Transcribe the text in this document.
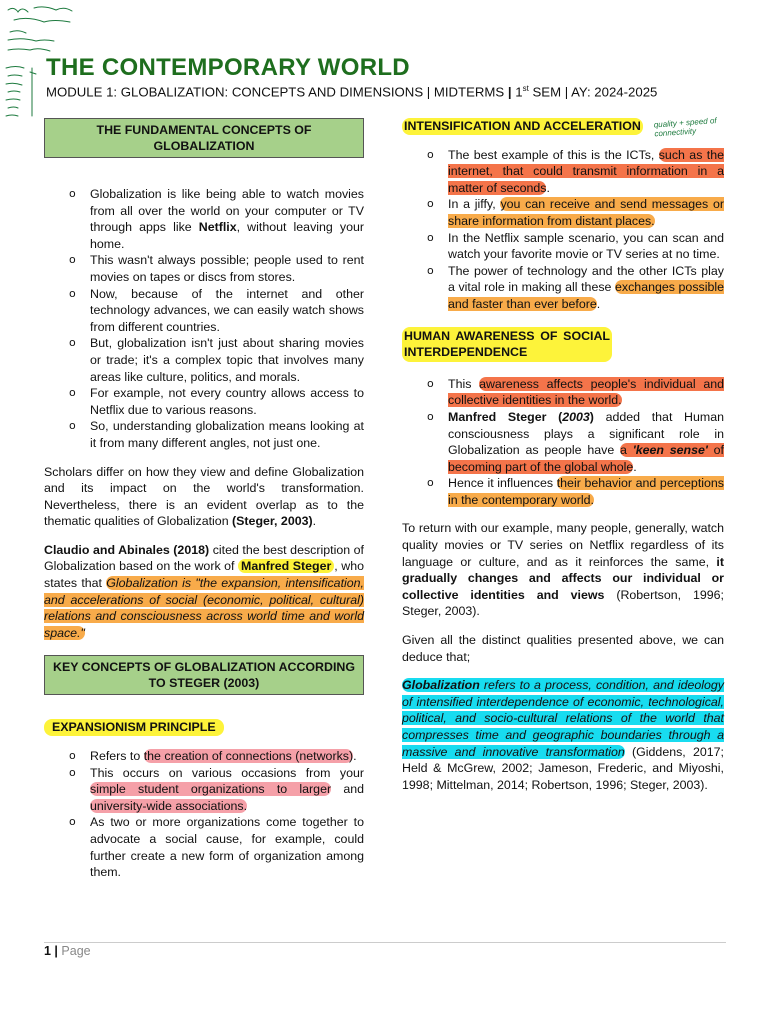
THE CONTEMPORARY WORLD

MODULE 1: GLOBALIZATION: CONCEPTS AND DIMENSIONS | MIDTERMS | 1st SEM | AY: 2024-2025

THE FUNDAMENTAL CONCEPTS OF GLOBALIZATION
o Globalization is like being able to watch movies from all over the world on your computer or TV through apps like Netflix, without leaving your home.
o This wasn't always possible; people used to rent movies on tapes or discs from stores.
o Now, because of the internet and other technology advances, we can easily watch shows from different countries.
o But, globalization isn't just about sharing movies or trade; it's a complex topic that involves many areas like culture, politics, and morals.
o For example, not every country allows access to Netflix due to various reasons.
o So, understanding globalization means looking at it from many different angles, not just one.

Scholars differ on how they view and define Globalization and its impact on the world's transformation. Nevertheless, there is an evident overlap as to the thematic qualities of Globalization (Steger, 2003).

Claudio and Abinales (2018) cited the best description of Globalization based on the work of Manfred Steger , who states that Globalization is "the expansion, intensification, and accelerations of social (economic, political, cultural) relations and consciousness across world time and world space."

KEY CONCEPTS OF GLOBALIZATION ACCORDING TO STEGER (2003)
EXPANSIONISM PRINCIPLE
o Refers to the creation of connections (networks).
o This occurs on various occasions from your simple student organizations to larger and university-wide associations.
o As two or more organizations come together to advocate a social cause, for example, could further create a new form of organization among them.
INTENSIFICATION AND ACCELERATION
o The best example of this is the ICTs, such as the internet, that could transmit information in a matter of seconds.
o In a jiffy, you can receive and send messages or share information from distant places.
o In the Netflix sample scenario, you can scan and watch your favorite movie or TV series at no time.
o The power of technology and the other ICTs play a vital role in making all these exchanges possible and faster than ever before.
HUMAN AWARENESS OF SOCIAL INTERDEPENDENCE
o This awareness affects people's individual and collective identities in the world.
o Manfred Steger (2003) added that Human consciousness plays a significant role in Globalization as people have a 'keen sense' of becoming part of the global whole.
o Hence it influences their behavior and perceptions in the contemporary world.

To return with our example, many people, generally, watch quality movies or TV series on Netflix regardless of its language or culture, and as it reinforces the same, it gradually changes and affects our individual or collective identities and views (Robertson, 1996; Steger, 2003).

Given all the distinct qualities presented above, we can deduce that;

Globalization refers to a process, condition, and ideology of intensified interdependence of economic, technological, political, and socio-cultural relations of the world that compresses time and geographic boundaries through a massive and innovative transformation (Giddens, 2017; Held & McGrew, 2002; Jameson, Frederic, and Miyoshi, 1998; Mittelman, 2014; Robertson, 1996; Steger, 2003).

quality + speed of connectivity
1 | Page
